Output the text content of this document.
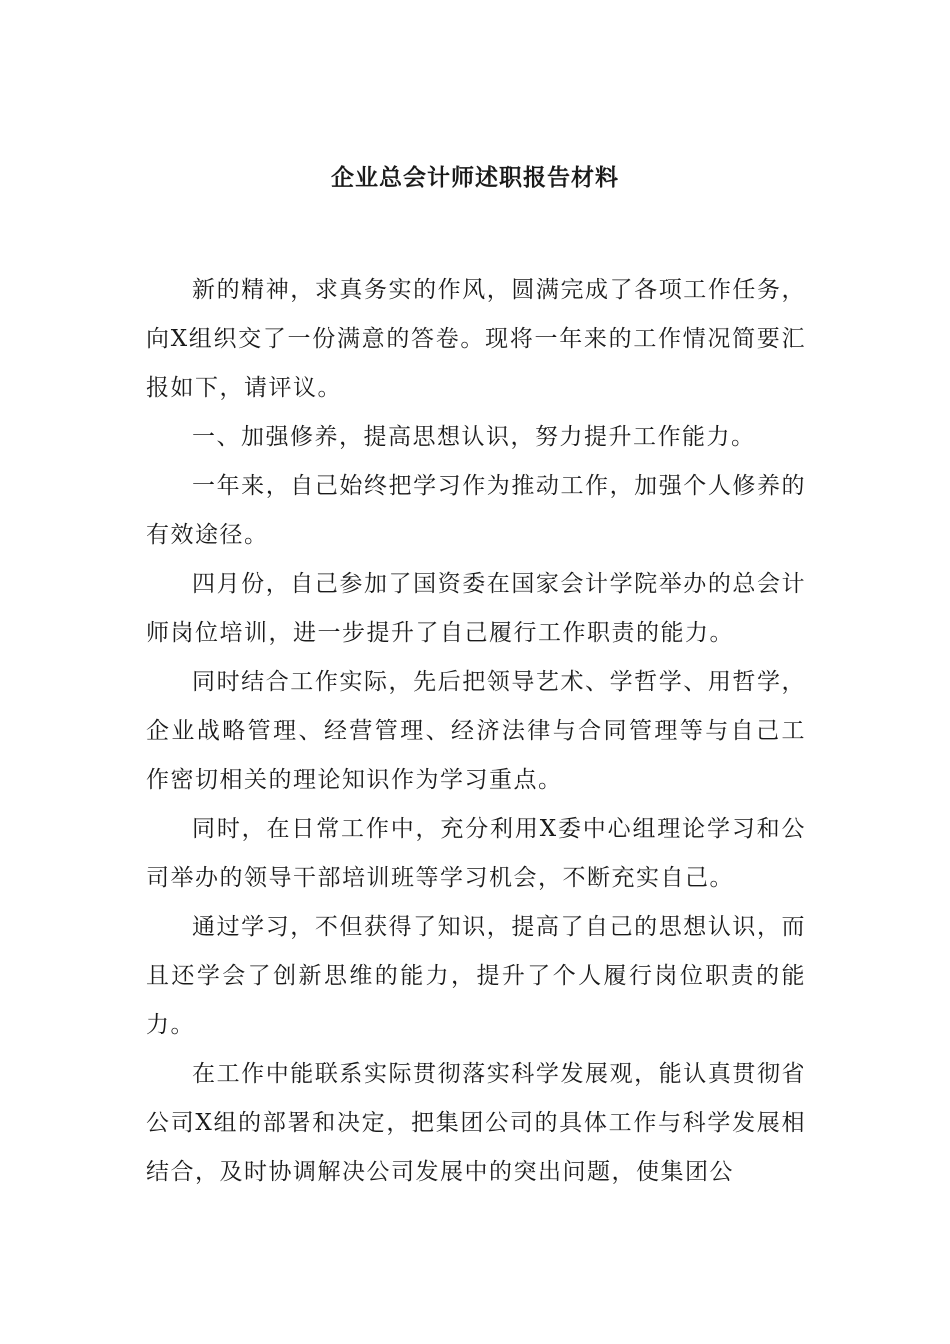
企业总会计师述职报告材料

新的精神，求真务实的作风，圆满完成了各项工作任务，向X组织交了一份满意的答卷。现将一年来的工作情况简要汇报如下，请评议。

一、加强修养，提高思想认识，努力提升工作能力。

一年来，自己始终把学习作为推动工作，加强个人修养的有效途径。

四月份，自己参加了国资委在国家会计学院举办的总会计师岗位培训，进一步提升了自己履行工作职责的能力。

同时结合工作实际，先后把领导艺术、学哲学、用哲学，企业战略管理、经营管理、经济法律与合同管理等与自己工作密切相关的理论知识作为学习重点。

同时，在日常工作中，充分利用X委中心组理论学习和公司举办的领导干部培训班等学习机会，不断充实自己。

通过学习，不但获得了知识，提高了自己的思想认识，而且还学会了创新思维的能力，提升了个人履行岗位职责的能力。

在工作中能联系实际贯彻落实科学发展观，能认真贯彻省公司X组的部署和决定，把集团公司的具体工作与科学发展相结合，及时协调解决公司发展中的突出问题，使集团公
